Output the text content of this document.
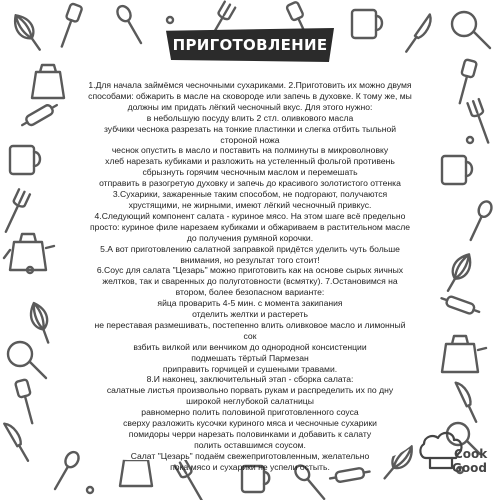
ПРИГОТОВЛЕНИЕ
1.Для начала займёмся чесночными сухариками. 2.Приготовить их можно двумя
способами: обжарить в масле на сковороде или запечь в духовке. К тому же, мы
должны им придать лёгкий чесночный вкус. Для этого нужно:
в небольшую посуду влить 2 стл. оливкового масла
зубчики чеснока разрезать на тонкие пластинки и слегка отбить тыльной
стороной ножа
чеснок опустить в масло и поставить на полминуты в микроволновку
хлеб нарезать кубиками и разложить на устеленный фольгой противень
сбрызнуть горячим чесночным маслом и перемешать
отправить в разогретую духовку и запечь до красивого золотистого оттенка
3.Сухарики, зажаренные таким способом, не подгорают, получаются
хрустящими, не жирными, имеют лёгкий чесночный привкус.
4.Следующий компонент салата - куриное мясо. На этом шаге всё предельно
просто: куриное филе нарезаем кубиками и обжариваем в растительном масле
до получения румяной корочки.
5.А вот приготовлению салатной заправкой придётся уделить чуть больше
внимания, но результат того стоит!
6.Соус для салата "Цезарь" можно приготовить как на основе сырых яичных
желтков, так и сваренных до полуготовности (всмятку). 7.Остановимся на
втором, более безопасном варианте:
яйца проварить 4-5 мин. с момента закипания
отделить желтки и растереть
не переставая размешивать, постепенно влить оливковое масло и лимонный
сок
взбить вилкой или венчиком до однородной консистенции
подмешать тёртый Пармезан
приправить горчицей и сушеными травами.
8.И наконец, заключительный этап - сборка салата:
салатные листья произвольно порвать рукам и распределить их по дну
широкой неглубокой салатницы
равномерно полить половиной приготовленного соуса
сверху разложить кусочки куриного мяса и чесночные сухарики
помидоры черри нарезать половинками и добавить к салату
полить оставшимся соусом.
Салат "Цезарь" подаём свежеприготовленным, желательно
пока мясо и сухарики не успели остыть.
Cook
Good
